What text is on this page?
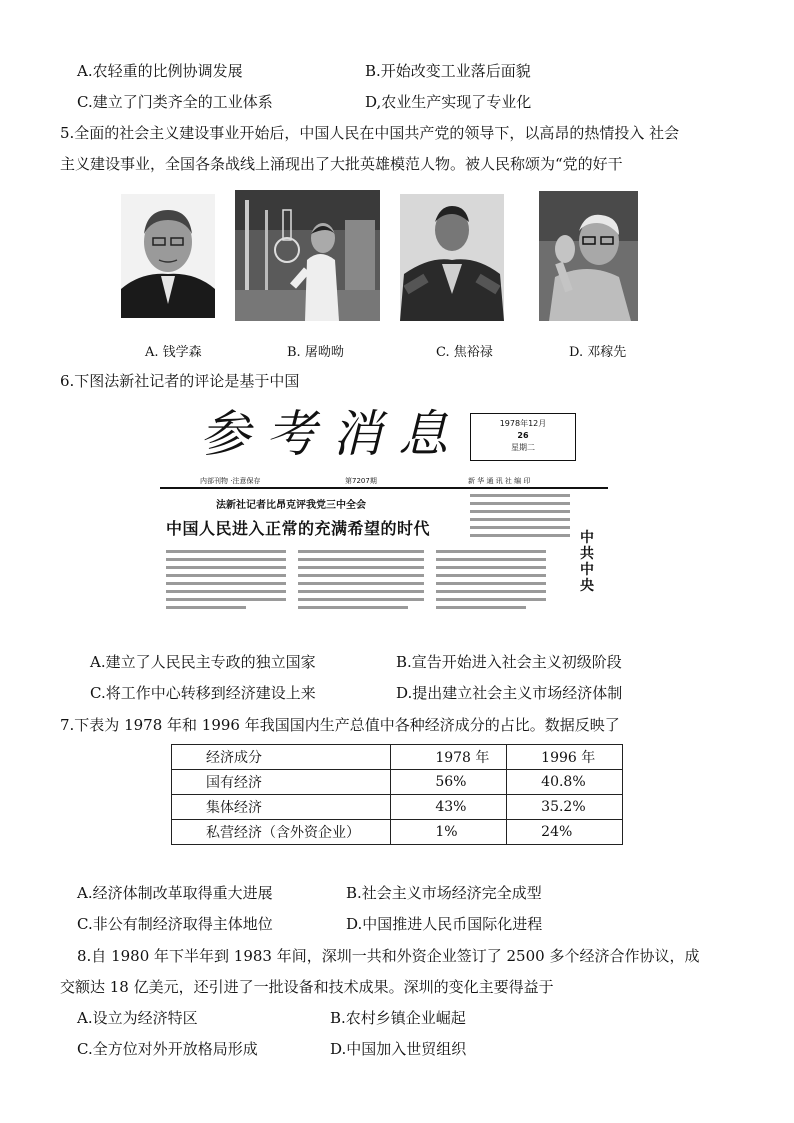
A.农轻重的比例协调发展	B.开始改变工业落后面貌
C.建立了门类齐全的工业体系	D,农业生产实现了专业化
5.全面的社会主义建设事业开始后，中国人民在中国共产党的领导下，以高昂的热情投入 社会
主义建设事业，全国各条战线上涌现出了大批英雄模范人物。被人民称颂为“党的好干
A. 钱学森	B. 屠呦呦	C. 焦裕禄	D. 邓稼先
6.下图法新社记者的评论是基于中国
参考消息	1978年12月
26
星期二
内部刊物 ·注意保存	第7207期	新 华 通 讯 社 编 印
法新社记者比昂克评我党三中全会
中国人民进入正常的充满希望的时代	中共中央
A.建立了人民民主专政的独立国家	B.宣告开始进入社会主义初级阶段
C.将工作中心转移到经济建设上来	D.提出建立社会主义市场经济体制
7.下表为 1978 年和 1996 年我国国内生产总值中各种经济成分的占比。数据反映了
经济成分	1978 年	1996 年
国有经济	56%	40.8%
集体经济	43%	35.2%
私营经济（含外资企业）	1%	24%
A.经济体制改革取得重大进展	B.社会主义市场经济完全成型
C.非公有制经济取得主体地位	D.中国推进人民币国际化进程
8.自 1980 年下半年到 1983 年间，深圳一共和外资企业签订了 2500 多个经济合作协议，成
交额达 18 亿美元，还引进了一批设备和技术成果。深圳的变化主要得益于
A.设立为经济特区	B.农村乡镇企业崛起
C.全方位对外开放格局形成	D.中国加入世贸组织
